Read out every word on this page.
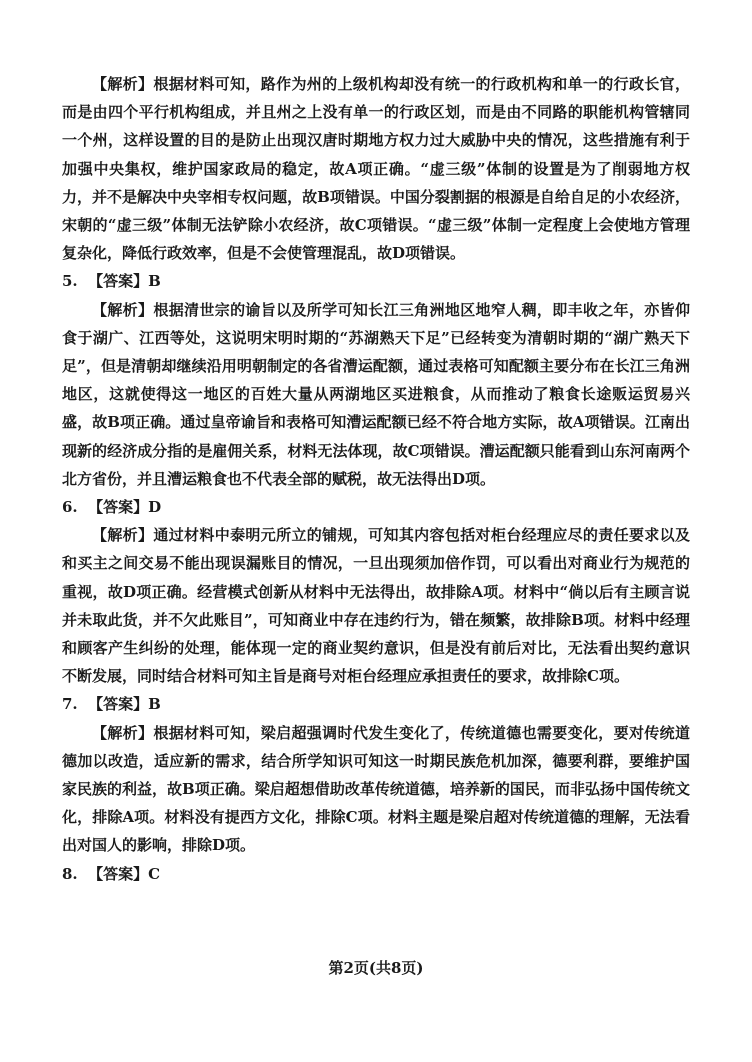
【解析】根据材料可知，路作为州的上级机构却没有统一的行政机构和单一的行政长官，而是由四个平行机构组成，并且州之上没有单一的行政区划，而是由不同路的职能机构管辖同一个州，这样设置的目的是防止出现汉唐时期地方权力过大威胁中央的情况，这些措施有利于加强中央集权，维护国家政局的稳定，故A项正确。“虚三级”体制的设置是为了削弱地方权力，并不是解决中央宰相专权问题，故B项错误。中国分裂割据的根源是自给自足的小农经济，宋朝的“虚三级”体制无法铲除小农经济，故C项错误。“虚三级”体制一定程度上会使地方管理复杂化，降低行政效率，但是不会使管理混乱，故D项错误。

5. 【答案】B

【解析】根据清世宗的谕旨以及所学可知长江三角洲地区地窄人稠，即丰收之年，亦皆仰食于湖广、江西等处，这说明宋明时期的“苏湖熟天下足”已经转变为清朝时期的“湖广熟天下足”，但是清朝却继续沿用明朝制定的各省漕运配额，通过表格可知配额主要分布在长江三角洲地区，这就使得这一地区的百姓大量从两湖地区买进粮食，从而推动了粮食长途贩运贸易兴盛，故B项正确。通过皇帝谕旨和表格可知漕运配额已经不符合地方实际，故A项错误。江南出现新的经济成分指的是雇佣关系，材料无法体现，故C项错误。漕运配额只能看到山东河南两个北方省份，并且漕运粮食也不代表全部的赋税，故无法得出D项。

6. 【答案】D

【解析】通过材料中泰明元所立的铺规，可知其内容包括对柜台经理应尽的责任要求以及和买主之间交易不能出现误漏账目的情况，一旦出现须加倍作罚，可以看出对商业行为规范的重视，故D项正确。经营模式创新从材料中无法得出，故排除A项。材料中“倘以后有主顾言说并未取此货，并不欠此账目”，可知商业中存在违约行为，错在频繁，故排除B项。材料中经理和顾客产生纠纷的处理，能体现一定的商业契约意识，但是没有前后对比，无法看出契约意识不断发展，同时结合材料可知主旨是商号对柜台经理应承担责任的要求，故排除C项。

7. 【答案】B

【解析】根据材料可知，梁启超强调时代发生变化了，传统道德也需要变化，要对传统道德加以改造，适应新的需求，结合所学知识可知这一时期民族危机加深，德要利群，要维护国家民族的利益，故B项正确。梁启超想借助改革传统道德，培养新的国民，而非弘扬中国传统文化，排除A项。材料没有提西方文化，排除C项。材料主题是梁启超对传统道德的理解，无法看出对国人的影响，排除D项。

8. 【答案】C

第2页(共8页)
